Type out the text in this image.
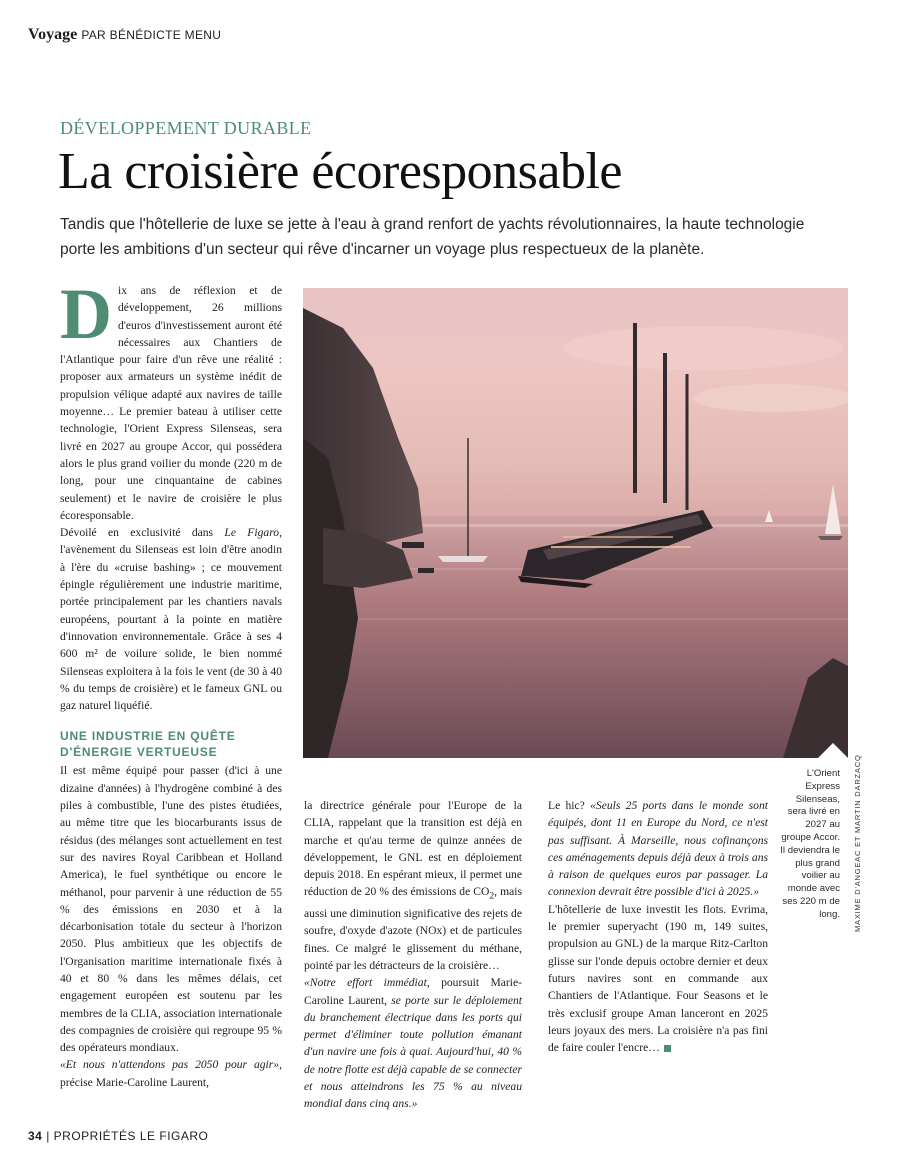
Voyage PAR BÉNÉDICTE MENU
DÉVELOPPEMENT DURABLE
La croisière écoresponsable
Tandis que l'hôtellerie de luxe se jette à l'eau à grand renfort de yachts révolutionnaires, la haute technologie porte les ambitions d'un secteur qui rêve d'incarner un voyage plus respectueux de la planète.

Dix ans de réflexion et de développement, 26 millions d'euros d'investissement auront été nécessaires aux Chantiers de l'Atlantique pour faire d'un rêve une réalité : proposer aux armateurs un système inédit de propulsion vélique adapté aux navires de taille moyenne… Le premier bateau à utiliser cette technologie, l'Orient Express Silenseas, sera livré en 2027 au groupe Accor, qui possédera alors le plus grand voilier du monde (220 m de long, pour une cinquantaine de cabines seulement) et le navire de croisière le plus écoresponsable.

Dévoilé en exclusivité dans Le Figaro, l'avènement du Silenseas est loin d'être anodin à l'ère du «cruise bashing» ; ce mouvement épingle régulièrement une industrie maritime, portée principalement par les chantiers navals européens, pourtant à la pointe en matière d'innovation environnementale. Grâce à ses 4 600 m² de voilure solide, le bien nommé Silenseas exploitera à la fois le vent (de 30 à 40 % du temps de croisière) et le fameux GNL ou gaz naturel liquéfié.

UNE INDUSTRIE EN QUÊTE D'ÉNERGIE VERTUEUSE

Il est même équipé pour passer (d'ici à une dizaine d'années) à l'hydrogène combiné à des piles à combustible, l'une des pistes étudiées, au même titre que les biocarburants issus de résidus (des mélanges sont actuellement en test sur des navires Royal Caribbean et Holland America), le fuel synthétique ou encore le méthanol, pour parvenir à une réduction de 55 % des émissions en 2030 et à la décarbonisation totale du secteur à l'horizon 2050. Plus ambitieux que les objectifs de l'Organisation maritime internationale fixés à 40 et 80 % dans les mêmes délais, cet engagement européen est soutenu par les membres de la CLIA, association internationale des compagnies de croisière qui regroupe 95 % des opérateurs mondiaux.

«Et nous n'attendons pas 2050 pour agir», précise Marie-Caroline Laurent,

L'Orient Express Silenseas, sera livré en 2027 au groupe Accor. Il deviendra le plus grand voilier au monde avec ses 220 m de long. MAXIME D'ANGEAC ET MARTIN DARZACQ

la directrice générale pour l'Europe de la CLIA, rappelant que la transition est déjà en marche et qu'au terme de quinze années de développement, le GNL est en déploiement depuis 2018. En espérant mieux, il permet une réduction de 20 % des émissions de $CO_2$, mais aussi une diminution significative des rejets de soufre, d'oxyde d'azote (NOx) et de particules fines. Ce malgré le glissement du méthane, pointé par les détracteurs de la croisière…

«Notre effort immédiat, poursuit Marie-Caroline Laurent, se porte sur le déploiement du branchement électrique dans les ports qui permet d'éliminer toute pollution émanant d'un navire une fois à quai. Aujourd'hui, 40 % de notre flotte est déjà capable de se connecter et nous atteindrons les 75 % au niveau mondial dans cinq ans.»

Le hic? «Seuls 25 ports dans le monde sont équipés, dont 11 en Europe du Nord, ce n'est pas suffisant. À Marseille, nous cofinançons ces aménagements depuis déjà deux à trois ans à raison de quelques euros par passager. La connexion devrait être possible d'ici à 2025.»

L'hôtellerie de luxe investit les flots. Evrima, le premier superyacht (190 m, 149 suites, propulsion au GNL) de la marque Ritz-Carlton glisse sur l'onde depuis octobre dernier et deux futurs navires sont en commande aux Chantiers de l'Atlantique. Four Seasons et le très exclusif groupe Aman lanceront en 2025 leurs joyaux des mers. La croisière n'a pas fini de faire couler l'encre…

34 | PROPRIÉTÉS LE FIGARO
